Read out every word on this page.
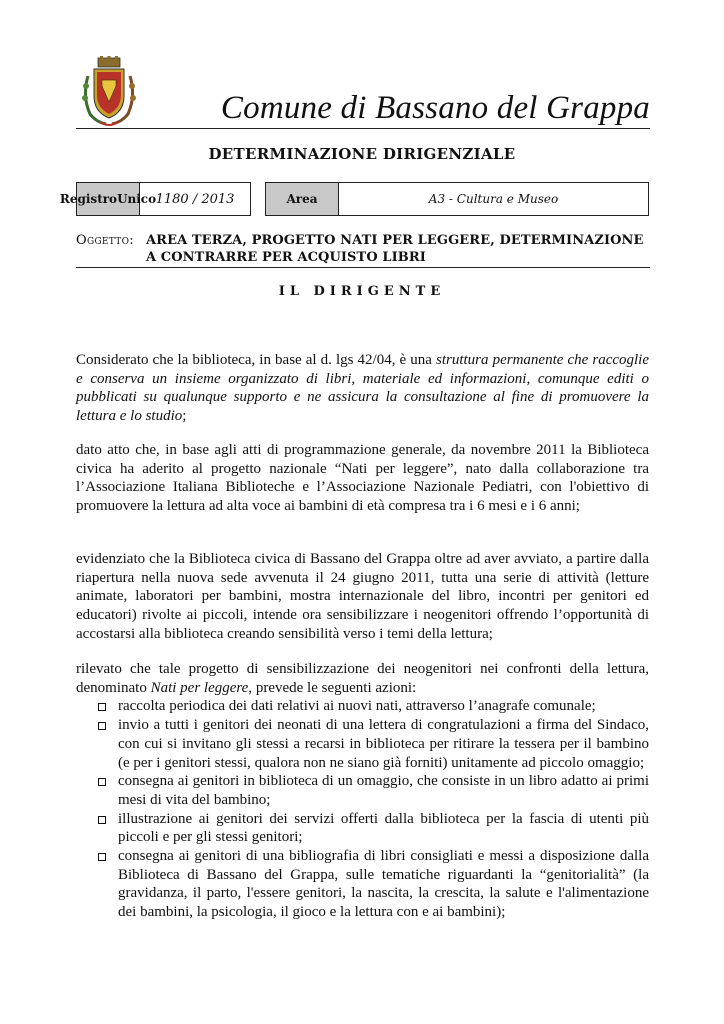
Comune di Bassano del Grappa
DETERMINAZIONE DIRIGENZIALE
Registro Unico 1180 / 2013	Area	A3 - Cultura e Museo
Oggetto: AREA TERZA, PROGETTO NATI PER LEGGERE, DETERMINAZIONE A CONTRARRE PER ACQUISTO LIBRI
IL DIRIGENTE

Considerato che la biblioteca, in base al d. lgs 42/04, è una struttura permanente che raccoglie e conserva un insieme organizzato di libri, materiale ed informazioni, comunque editi o pubblicati su qualunque supporto e ne assicura la consultazione al fine di promuovere la lettura e lo studio;

dato atto che, in base agli atti di programmazione generale, da novembre 2011 la Biblioteca civica ha aderito al progetto nazionale “Nati per leggere”, nato dalla collaborazione tra l’Associazione Italiana Biblioteche e l’Associazione Nazionale Pediatri, con l'obiettivo di promuovere la lettura ad alta voce ai bambini di età compresa tra i 6 mesi e i 6 anni;

evidenziato che la Biblioteca civica di Bassano del Grappa oltre ad aver avviato, a partire dalla riapertura nella nuova sede avvenuta il 24 giugno 2011, tutta una serie di attività (letture animate, laboratori per bambini, mostra internazionale del libro, incontri per genitori ed educatori) rivolte ai piccoli, intende ora sensibilizzare i neogenitori offrendo l’opportunità di accostarsi alla biblioteca creando sensibilità verso i temi della lettura;

rilevato che tale progetto di sensibilizzazione dei neogenitori nei confronti della lettura, denominato Nati per leggere, prevede le seguenti azioni:

raccolta periodica dei dati relativi ai nuovi nati, attraverso l’anagrafe comunale;
invio a tutti i genitori dei neonati di una lettera di congratulazioni a firma del Sindaco, con cui si invitano gli stessi a recarsi in biblioteca per ritirare la tessera per il bambino (e per i genitori stessi, qualora non ne siano già forniti) unitamente ad piccolo omaggio;
consegna ai genitori in biblioteca di un omaggio, che consiste in un libro adatto ai primi mesi di vita del bambino;
illustrazione ai genitori dei servizi offerti dalla biblioteca per la fascia di utenti più piccoli e per gli stessi genitori;
consegna ai genitori di una bibliografia di libri consigliati e messi a disposizione dalla Biblioteca di Bassano del Grappa, sulle tematiche riguardanti la “genitorialità” (la gravidanza, il parto, l'essere genitori, la nascita, la crescita, la salute e l'alimentazione dei bambini, la psicologia, il gioco e la lettura con e ai bambini);
